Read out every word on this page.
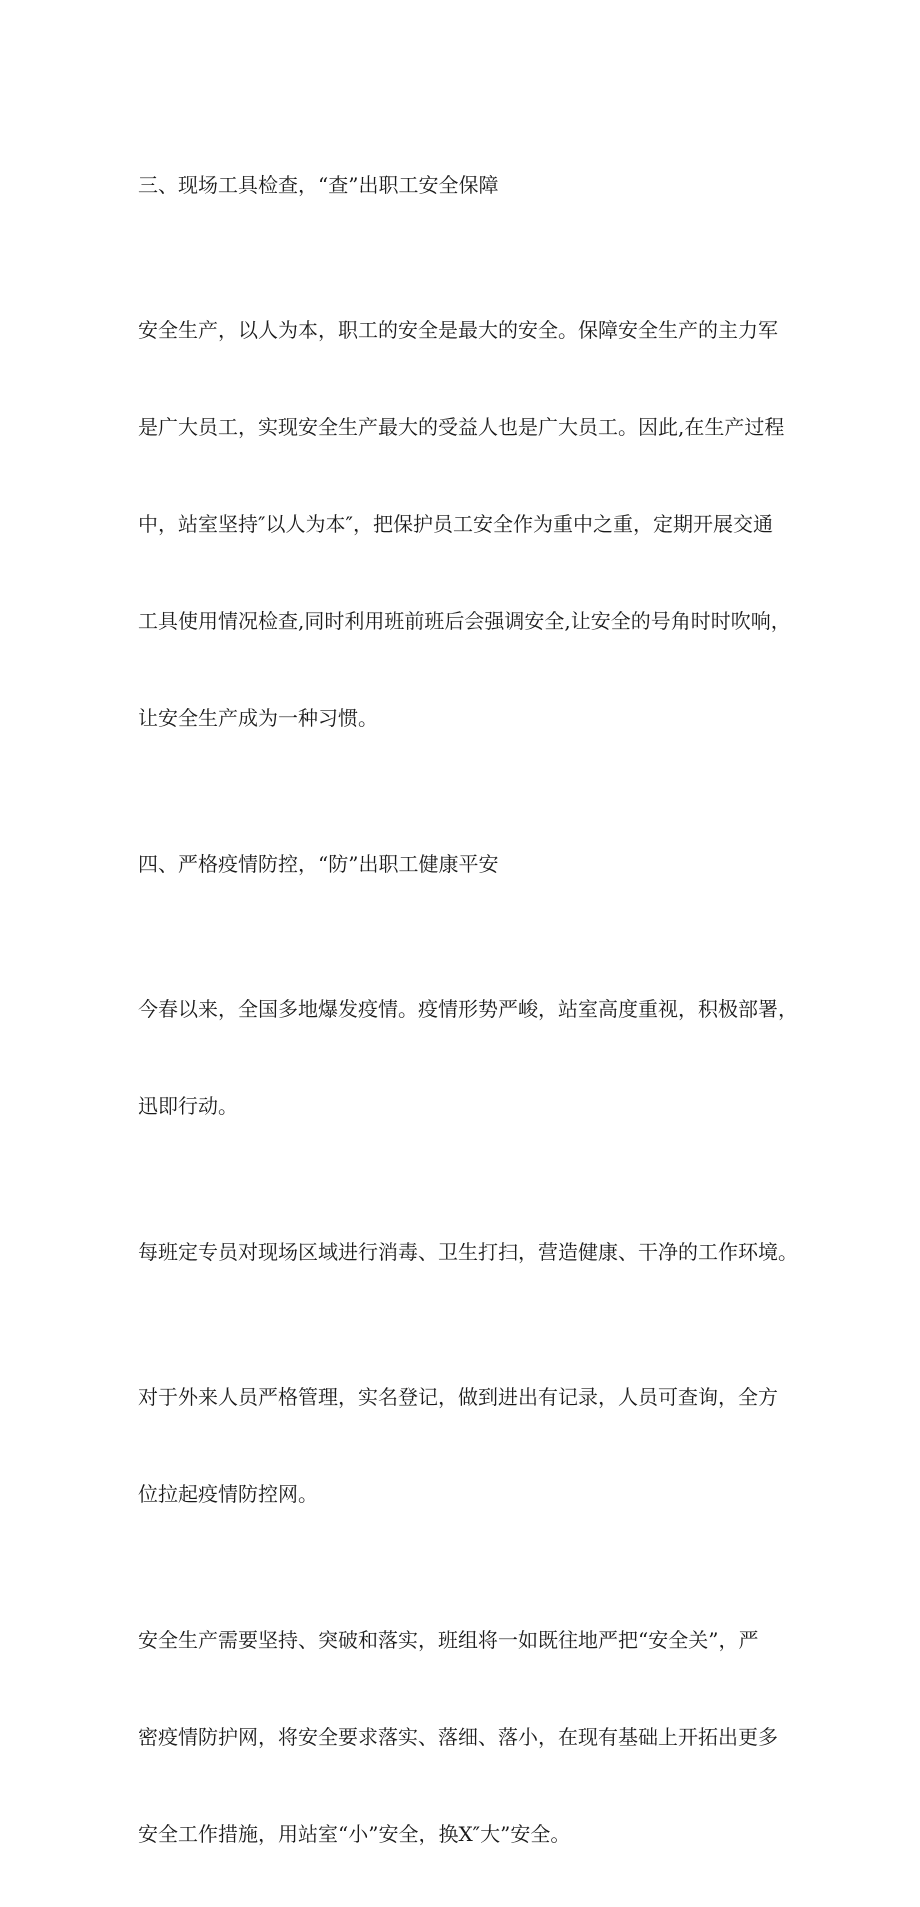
三、现场工具检查，“查”出职工安全保障

安全生产，以人为本，职工的安全是最大的安全。保障安全生产的主力军

是广大员工，实现安全生产最大的受益人也是广大员工。因此,在生产过程

中，站室坚持″以人为本″，把保护员工安全作为重中之重，定期开展交通

工具使用情况检查,同时利用班前班后会强调安全,让安全的号角时时吹响，

让安全生产成为一种习惯。

四、严格疫情防控，“防”出职工健康平安

今春以来，全国多地爆发疫情。疫情形势严峻，站室高度重视，积极部署，

迅即行动。

每班定专员对现场区域进行消毒、卫生打扫，营造健康、干净的工作环境。

对于外来人员严格管理，实名登记，做到进出有记录，人员可查询，全方

位拉起疫情防控网。

安全生产需要坚持、突破和落实，班组将一如既往地严把“安全关”，严

密疫情防护网，将安全要求落实、落细、落小，在现有基础上开拓出更多

安全工作措施，用站室“小”安全，换X″大”安全。
